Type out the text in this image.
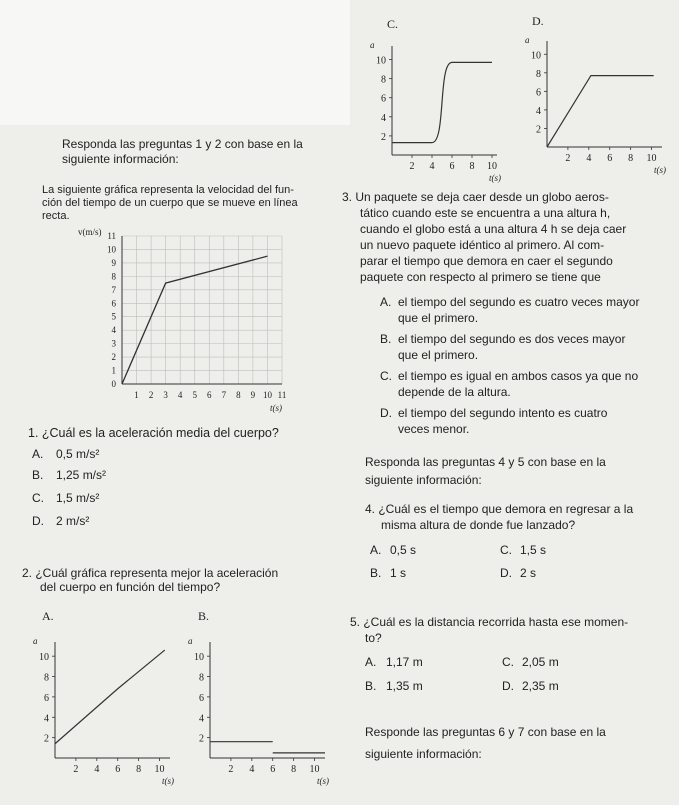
Responda las preguntas 1 y 2 con base en la
siguiente información:
La siguiente gráfica representa la velocidad del fun-
ción del tiempo de un cuerpo que se mueve en línea
recta.
1 2 3 4 5 6 7 8 9 10 11
0
1
2
3
4
5
6
7
8
9
10
11
v(m/s)
t(s)
1. ¿Cuál es la aceleración media del cuerpo?
A. 0,5 m/s²
B. 1,25 m/s²
C. 1,5 m/s²
D. 2 m/s²
2. ¿Cuál gráfica representa mejor la aceleración
del cuerpo en función del tiempo?
C.
2 4 6 8 10
2
4
6
8
10
a
t(s)
D.
2 4 6 8 10
2
4
6
8
10
a
t(s)
A.
2 4 6 8 10
2
4
6
8
10
a
t(s)
B.
2 4 6 8 10
2
4
6
8
10
a
t(s)
3. Un paquete se deja caer desde un globo aeros-
tático cuando este se encuentra a una altura h,
cuando el globo está a una altura 4 h se deja caer
un nuevo paquete idéntico al primero. Al com-
parar el tiempo que demora en caer el segundo
paquete con respecto al primero se tiene que
A. el tiempo del segundo es cuatro veces mayor
que el primero.
B. el tiempo del segundo es dos veces mayor
que el primero.
C. el tiempo es igual en ambos casos ya que no
depende de la altura.
D. el tiempo del segundo intento es cuatro
veces menor.
Responda las preguntas 4 y 5 con base en la
siguiente información:
4. ¿Cuál es el tiempo que demora en regresar a la
misma altura de donde fue lanzado?
A. 0,5 s	C. 1,5 s
B. 1 s	D. 2 s
5. ¿Cuál es la distancia recorrida hasta ese momen-
to?
A. 1,17 m	C. 2,05 m
B. 1,35 m	D. 2,35 m
Responde las preguntas 6 y 7 con base en la
siguiente información:
